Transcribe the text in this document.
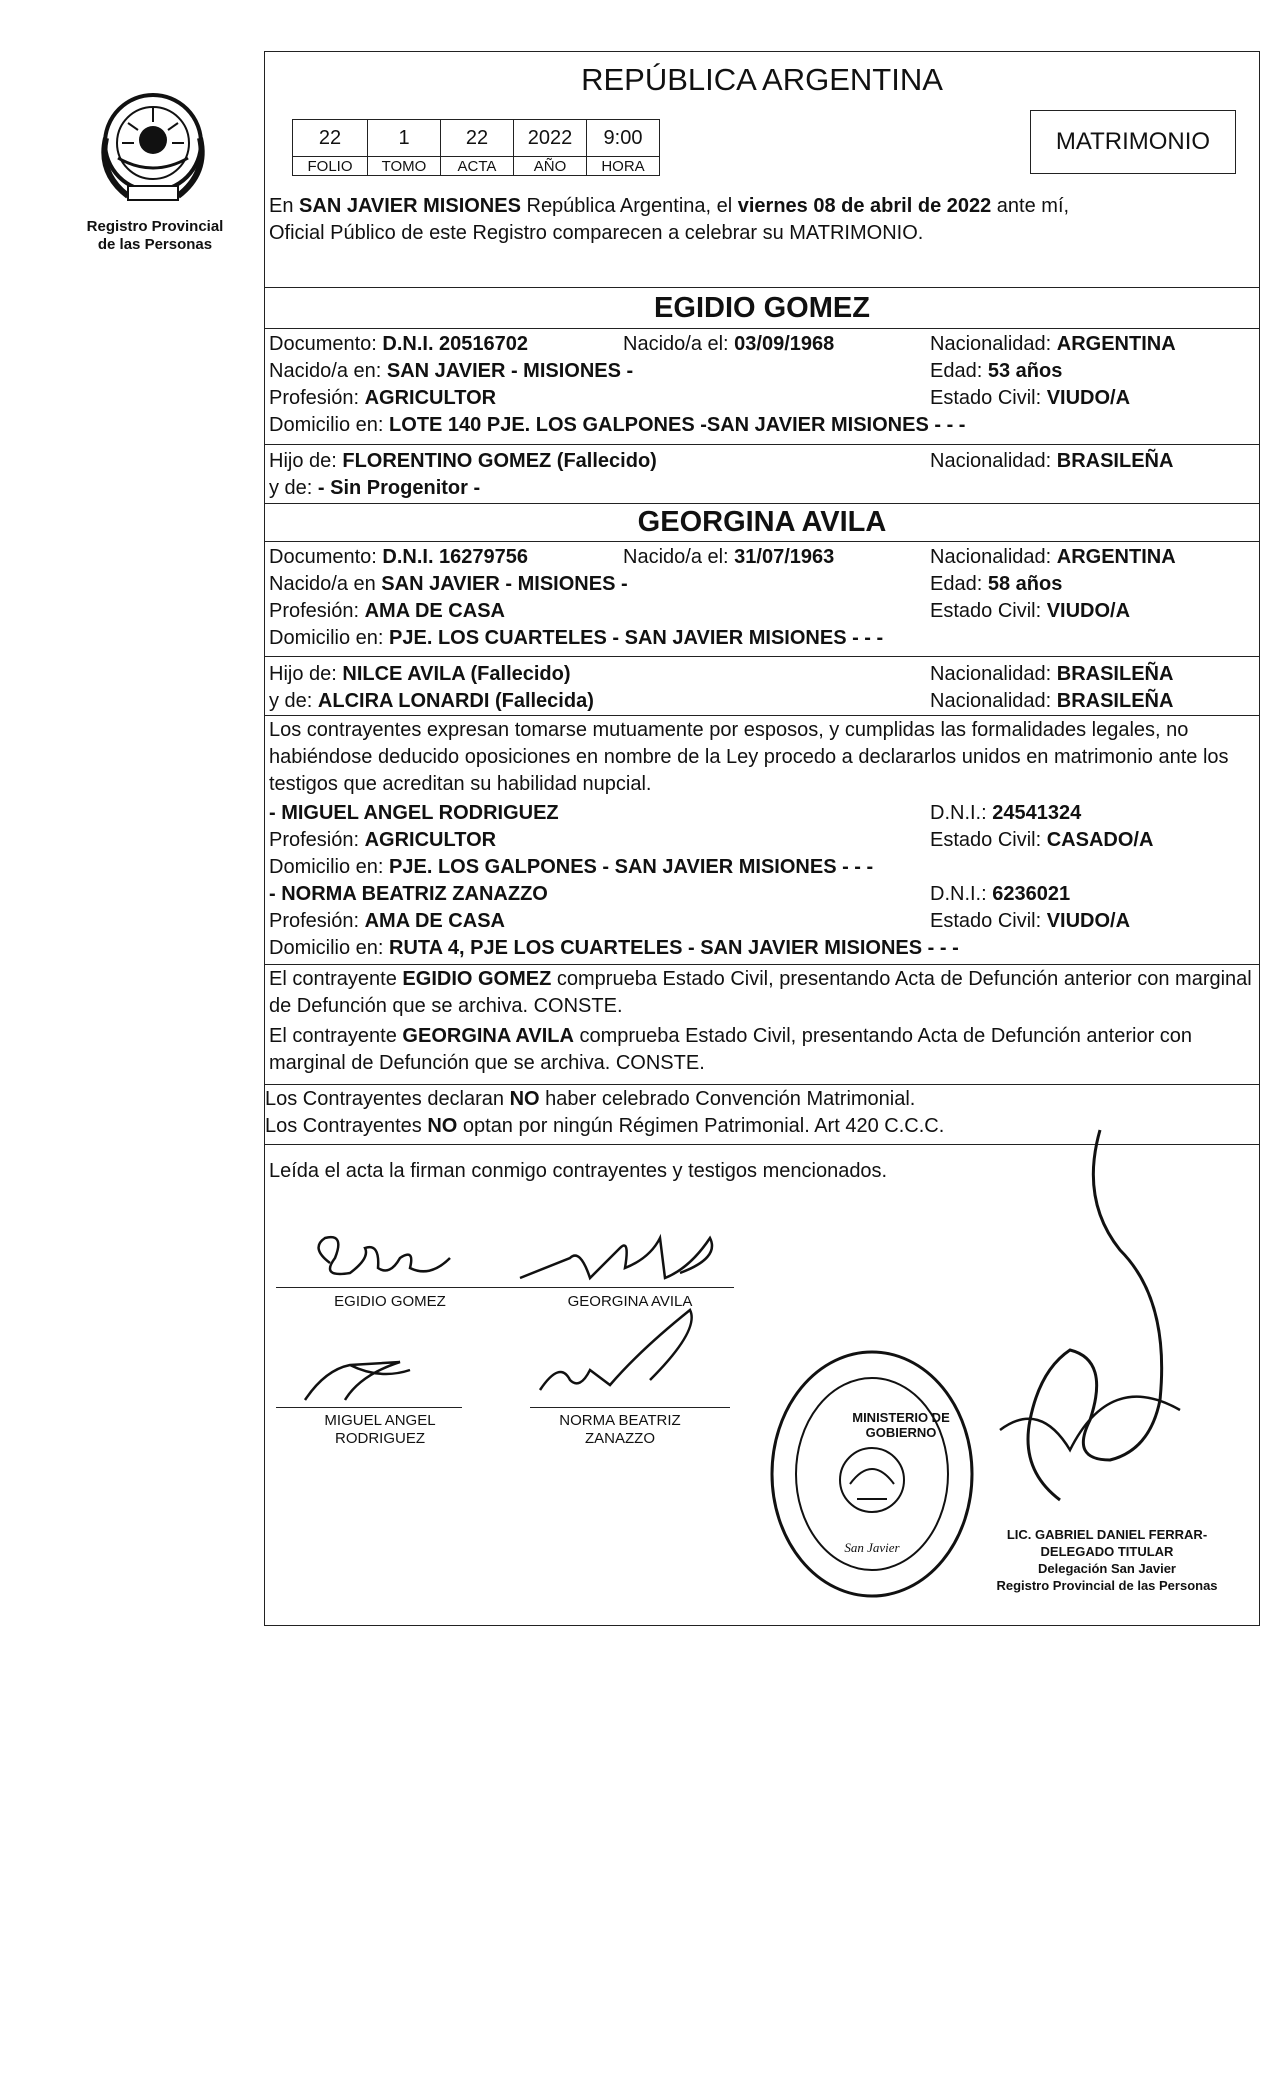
Registro Provincial
de las Personas
REPÚBLICA ARGENTINA
En SAN JAVIER MISIONES República Argentina, el viernes 08 de abril de 2022 ante mí,
Oficial Público de este Registro comparecen a celebrar su MATRIMONIO.
EGIDIO GOMEZ
Documento: D.N.I. 20516702	Nacido/a el: 03/09/1968	Nacionalidad: ARGENTINA
Nacido/a en: SAN JAVIER - MISIONES -	Edad: 53 años
Profesión: AGRICULTOR	Estado Civil: VIUDO/A
Domicilio en: LOTE 140 PJE. LOS GALPONES -SAN JAVIER MISIONES - - -
Hijo de: FLORENTINO GOMEZ (Fallecido)	Nacionalidad: BRASILEÑA
y de: - Sin Progenitor -
GEORGINA AVILA
Documento: D.N.I. 16279756	Nacido/a el: 31/07/1963	Nacionalidad: ARGENTINA
Nacido/a en SAN JAVIER - MISIONES -	Edad: 58 años
Profesión: AMA DE CASA	Estado Civil: VIUDO/A
Domicilio en: PJE. LOS CUARTELES - SAN JAVIER MISIONES - - -
Hijo de: NILCE AVILA (Fallecido)	Nacionalidad: BRASILEÑA
y de: ALCIRA LONARDI (Fallecida)	Nacionalidad: BRASILEÑA
Los contrayentes expresan tomarse mutuamente por esposos, y cumplidas las formalidades legales, no habiéndose deducido oposiciones en nombre de la Ley procedo a declararlos unidos en matrimonio ante los testigos que acreditan su habilidad nupcial.
- MIGUEL ANGEL RODRIGUEZ	D.N.I.: 24541324
Profesión: AGRICULTOR	Estado Civil: CASADO/A
Domicilio en: PJE. LOS GALPONES - SAN JAVIER MISIONES - - -
- NORMA BEATRIZ ZANAZZO	D.N.I.: 6236021
Profesión: AMA DE CASA	Estado Civil: VIUDO/A
Domicilio en: RUTA 4, PJE LOS CUARTELES - SAN JAVIER MISIONES - - -
El contrayente EGIDIO GOMEZ comprueba Estado Civil, presentando Acta de Defunción anterior con marginal de Defunción que se archiva. CONSTE.
El contrayente GEORGINA AVILA comprueba Estado Civil, presentando Acta de Defunción anterior con marginal de Defunción que se archiva. CONSTE.
Los Contrayentes declaran NO haber celebrado Convención Matrimonial.
Los Contrayentes NO optan por ningún Régimen Patrimonial. Art 420 C.C.C.
Leída el acta la firman conmigo contrayentes y testigos mencionados.
22	1	22	2022	9:00
FOLIO	TOMO	ACTA	AÑO	HORA
MATRIMONIO
EGIDIO GOMEZ	GEORGINA AVILA
MIGUEL ANGEL
RODRIGUEZ
NORMA BEATRIZ
ZANAZZO
MINISTERIO DE GOBIERNO
San Javier
LIC. GABRIEL DANIEL FERRAR-
DELEGADO TITULAR
Delegación San Javier
Registro Provincial de las Personas
